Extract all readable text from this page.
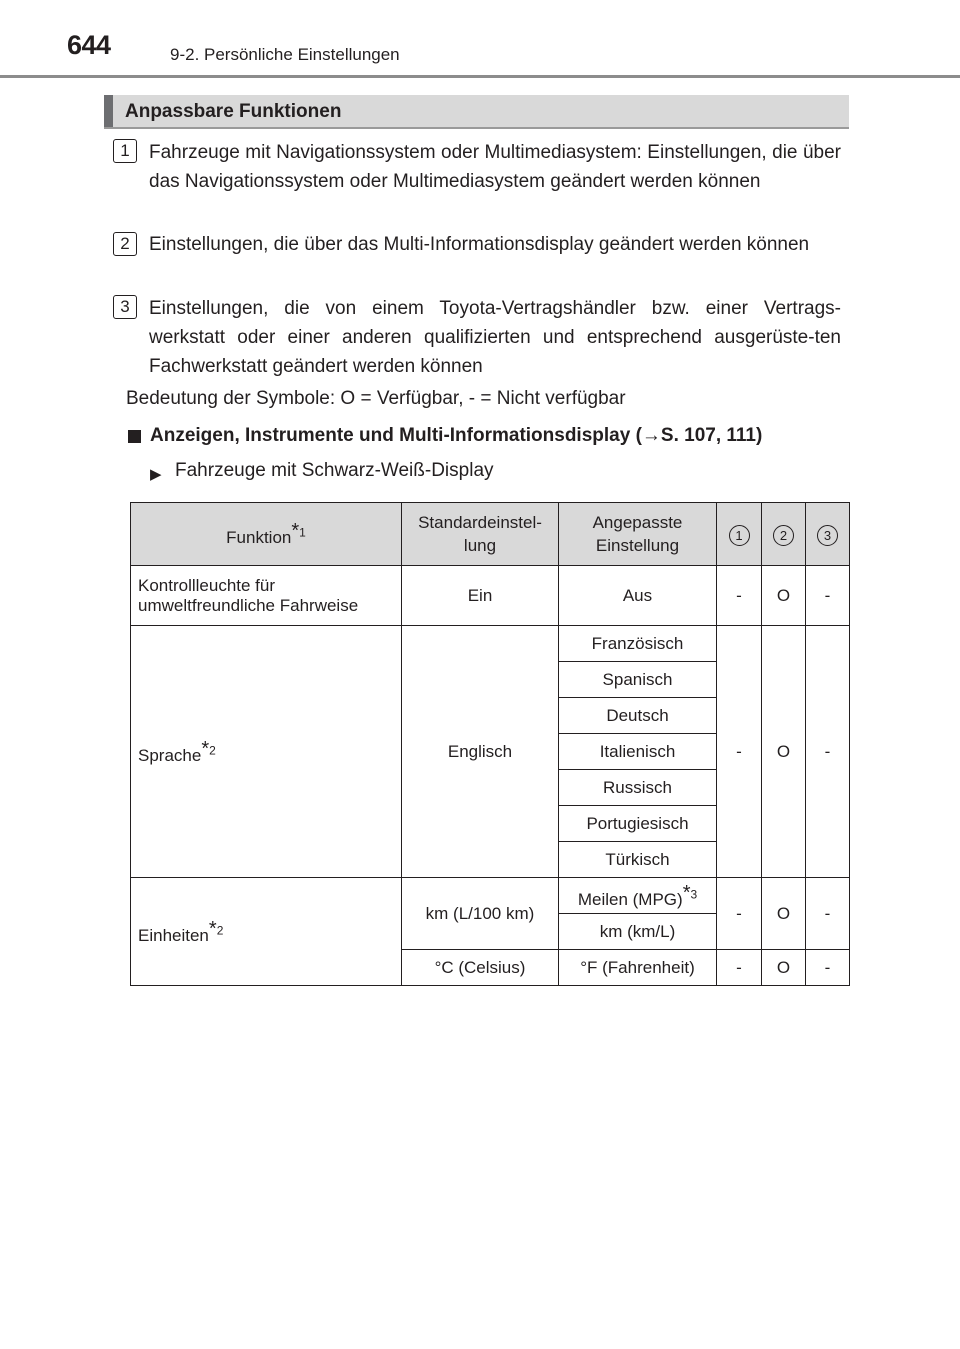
644	9-2. Persönliche Einstellungen
Anpassbare Funktionen
1	Fahrzeuge mit Navigationssystem oder Multimediasystem: Einstellungen, die über das Navigationssystem oder Multimediasystem geändert werden können
2	Einstellungen, die über das Multi-Informationsdisplay geändert werden können
3	Einstellungen, die von einem Toyota-Vertragshändler bzw. einer Vertrags-werkstatt oder einer anderen qualifizierten und entsprechend ausgerüste-ten Fachwerkstatt geändert werden können
Bedeutung der Symbole: O = Verfügbar, - = Nicht verfügbar
Anzeigen, Instrumente und Multi-Informationsdisplay (→S. 107, 111)
▶ Fahrzeuge mit Schwarz-Weiß-Display
Funktion*$^1$	Standardeinstel-lung	Angepasste Einstellung	1	2	3
Kontrollleuchte für umweltfreundliche Fahrweise	Ein	Aus	-	O	-
Sprache*$^2$	Englisch	Französisch	-	O	-
		Spanisch			
		Deutsch			
		Italienisch			
		Russisch			
		Portugiesisch			
		Türkisch			
Einheiten*$^2$	km (L/100 km)	Meilen (MPG)*$^3$	-	O	-
		km (km/L)			
	°C (Celsius)	°F (Fahrenheit)	-	O	-
